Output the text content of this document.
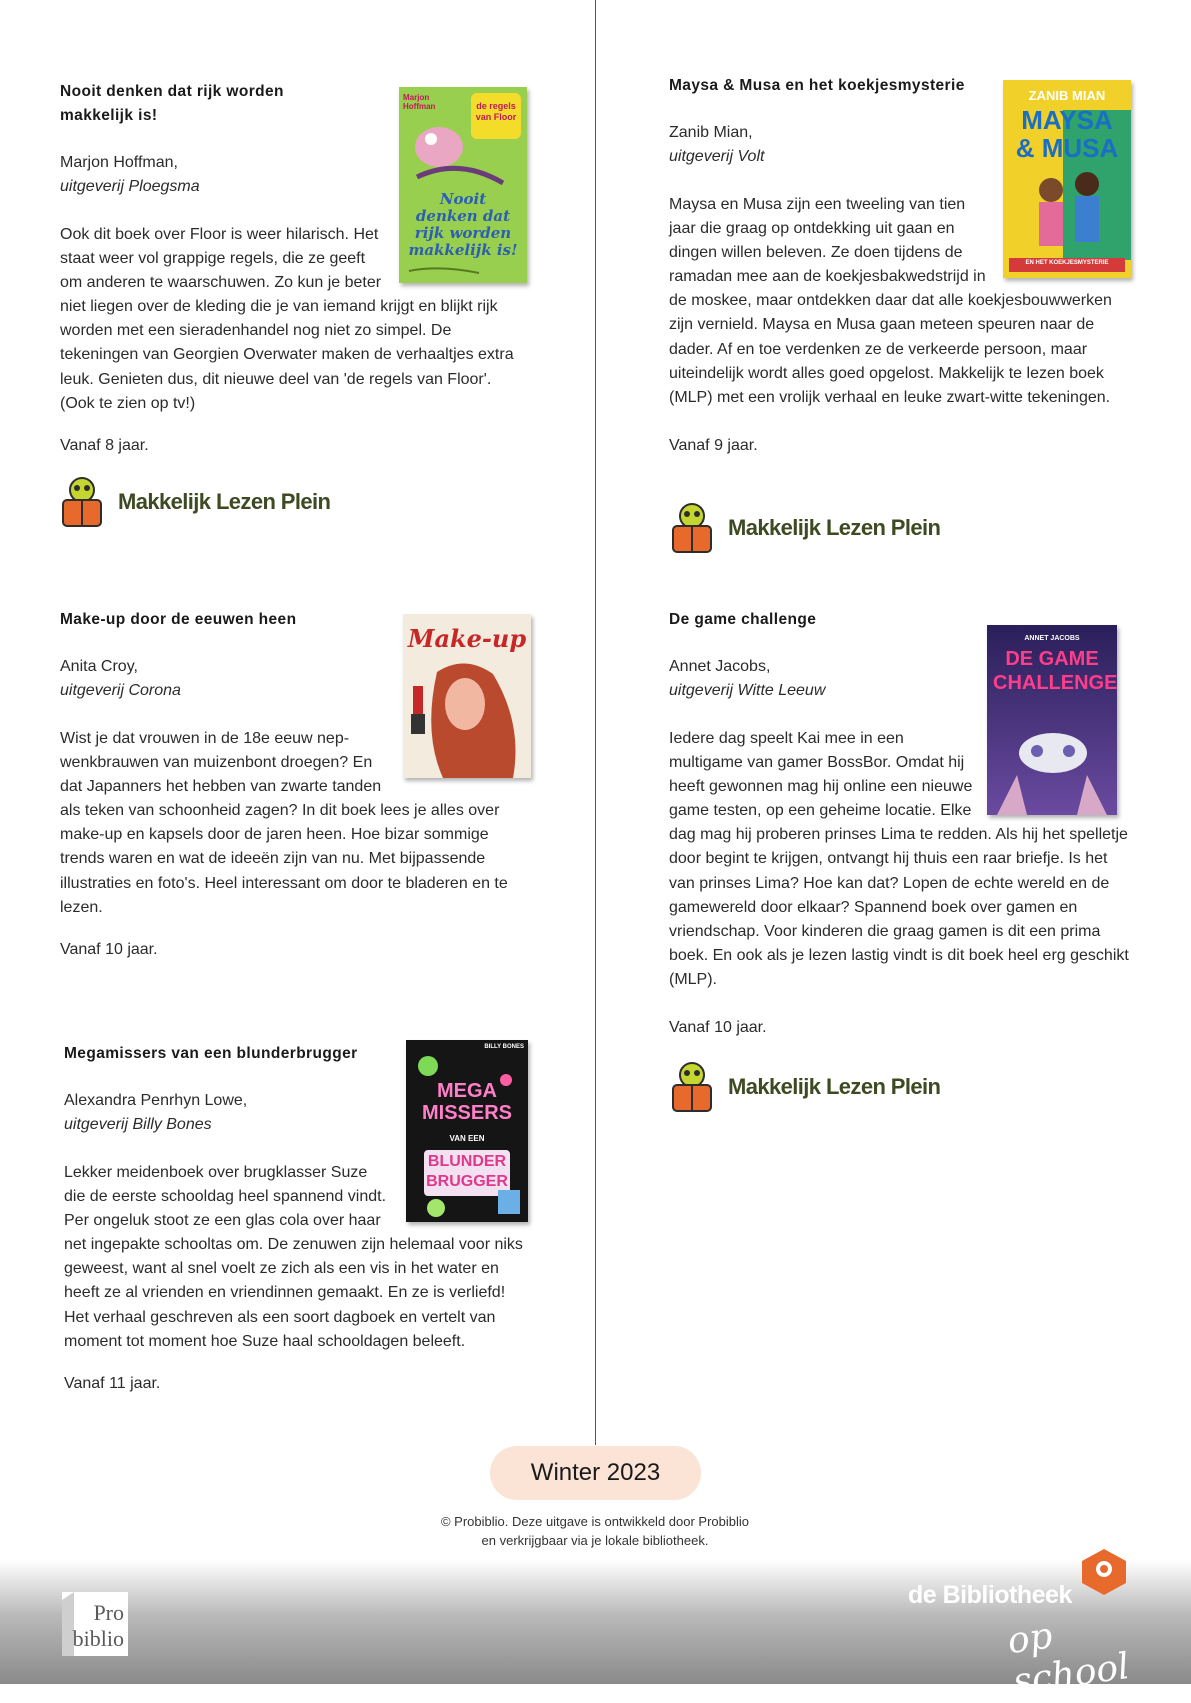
de regels van Floor
Marjon Hoffman
Nooit denken dat rijk worden makkelijk is!
Nooit denken dat rijk worden makkelijk is!
Marjon Hoffman,
uitgeverij Ploegsma
Ook dit boek over Floor is weer hilarisch. Het staat weer vol grappige regels, die ze geeft om anderen te waarschuwen. Zo kun je beter niet liegen over de kleding die je van iemand krijgt en blijkt rijk worden met een sieradenhandel nog niet zo simpel. De tekeningen van Georgien Overwater maken de verhaaltjes extra leuk. Genieten dus, dit nieuwe deel van 'de regels van Floor'. (Ook te zien op tv!)
Vanaf 8 jaar.
Makkelijk Lezen Plein
ZANIB MIAN
MAYSA & MUSA
EN HET KOEKJESMYSTERIE
Maysa & Musa en het koekjesmysterie
Zanib Mian,
uitgeverij Volt
Maysa en Musa zijn een tweeling van tien jaar die graag op ontdekking uit gaan en dingen willen beleven. Ze doen tijdens de ramadan mee aan de koekjesbakwedstrijd in de moskee, maar ontdekken daar dat alle koekjesbouwwerken zijn vernield. Maysa en Musa gaan meteen speuren naar de dader. Af en toe verdenken ze de verkeerde persoon, maar uiteindelijk wordt alles goed opgelost. Makkelijk te lezen boek (MLP) met een vrolijk verhaal en leuke zwart-witte tekeningen.
Vanaf 9 jaar.
Makkelijk Lezen Plein
Make-up
Make-up door de eeuwen heen
Anita Croy,
uitgeverij Corona
Wist je dat vrouwen in de 18e eeuw nep-wenkbrauwen van muizenbont droegen? En dat Japanners het hebben van zwarte tanden als teken van schoonheid zagen? In dit boek lees je alles over make-up en kapsels door de jaren heen. Hoe bizar sommige trends waren en wat de ideeën zijn van nu. Met bijpassende illustraties en foto's. Heel interessant om door te bladeren en te lezen.
Vanaf 10 jaar.
ANNET JACOBS
DE GAME CHALLENGE
De game challenge
Annet Jacobs,
uitgeverij Witte Leeuw
Iedere dag speelt Kai mee in een multigame van gamer BossBor. Omdat hij heeft gewonnen mag hij online een nieuwe game testen, op een geheime locatie. Elke dag mag hij proberen prinses Lima te redden. Als hij het spelletje door begint te krijgen, ontvangt hij thuis een raar briefje. Is het van prinses Lima? Hoe kan dat? Lopen de echte wereld en de gamewereld door elkaar? Spannend boek over gamen en vriendschap. Voor kinderen die graag gamen is dit een prima boek. En ook als je lezen lastig vindt is dit boek heel erg geschikt (MLP).
Vanaf 10 jaar.
Makkelijk Lezen Plein
BILLY BONES
MEGA MISSERS
VAN EEN
BLUNDER BRUGGER
Megamissers van een blunderbrugger
Alexandra Penrhyn Lowe,
uitgeverij Billy Bones
Lekker meidenboek over brugklasser Suze die de eerste schooldag heel spannend vindt. Per ongeluk stoot ze een glas cola over haar net ingepakte schooltas om. De zenuwen zijn helemaal voor niks geweest, want al snel voelt ze zich als een vis in het water en heeft ze al vrienden en vriendinnen gemaakt. En ze is verliefd! Het verhaal geschreven als een soort dagboek en vertelt van moment tot moment hoe Suze haal schooldagen beleeft.
Vanaf 11 jaar.
Winter 2023
© Probiblio. Deze uitgave is ontwikkeld door Probiblio
en verkrijgbaar via je lokale bibliotheek.
Pro
biblio
de Bibliotheek
op school
